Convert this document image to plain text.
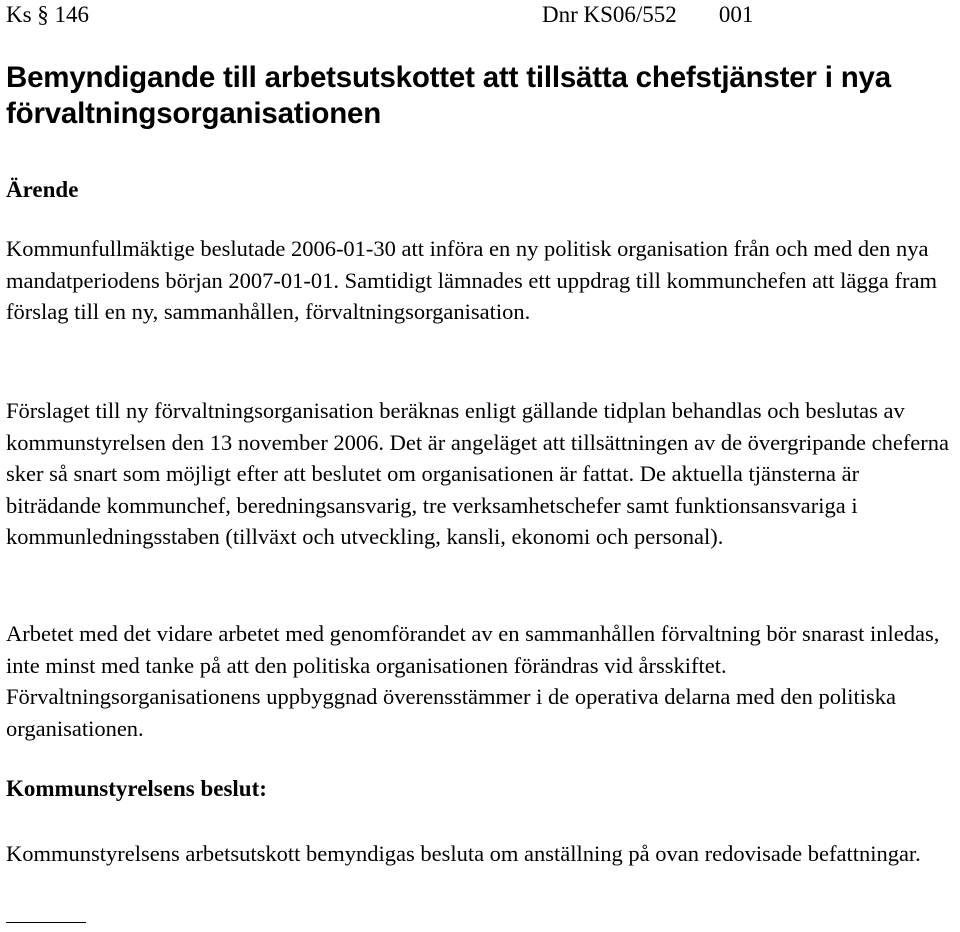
Ks § 146	Dnr KS06/552 001
Bemyndigande till arbetsutskottet att tillsätta chefstjänster i nya förvaltningsorganisationen
Ärende

Kommunfullmäktige beslutade 2006-01-30 att införa en ny politisk organisation från och med den nya mandatperiodens början 2007-01-01. Samtidigt lämnades ett uppdrag till kommunchefen att lägga fram förslag till en ny, sammanhållen, förvaltningsorganisation.

Förslaget till ny förvaltningsorganisation beräknas enligt gällande tidplan behandlas och beslutas av kommunstyrelsen den 13 november 2006. Det är angeläget att tillsättningen av de övergripande cheferna sker så snart som möjligt efter att beslutet om organisationen är fattat. De aktuella tjänsterna är biträdande kommunchef, beredningsansvarig, tre verksamhetschefer samt funktionsansvariga i kommunledningsstaben (tillväxt och utveckling, kansli, ekonomi och personal).

Arbetet med det vidare arbetet med genomförandet av en sammanhållen förvaltning bör snarast inledas, inte minst med tanke på att den politiska organisationen förändras vid årsskiftet. Förvaltningsorganisationens uppbyggnad överensstämmer i de operativa delarna med den politiska organisationen.

Kommunstyrelsens beslut:

Kommunstyrelsens arbetsutskott bemyndigas besluta om anställning på ovan redovisade befattningar.
